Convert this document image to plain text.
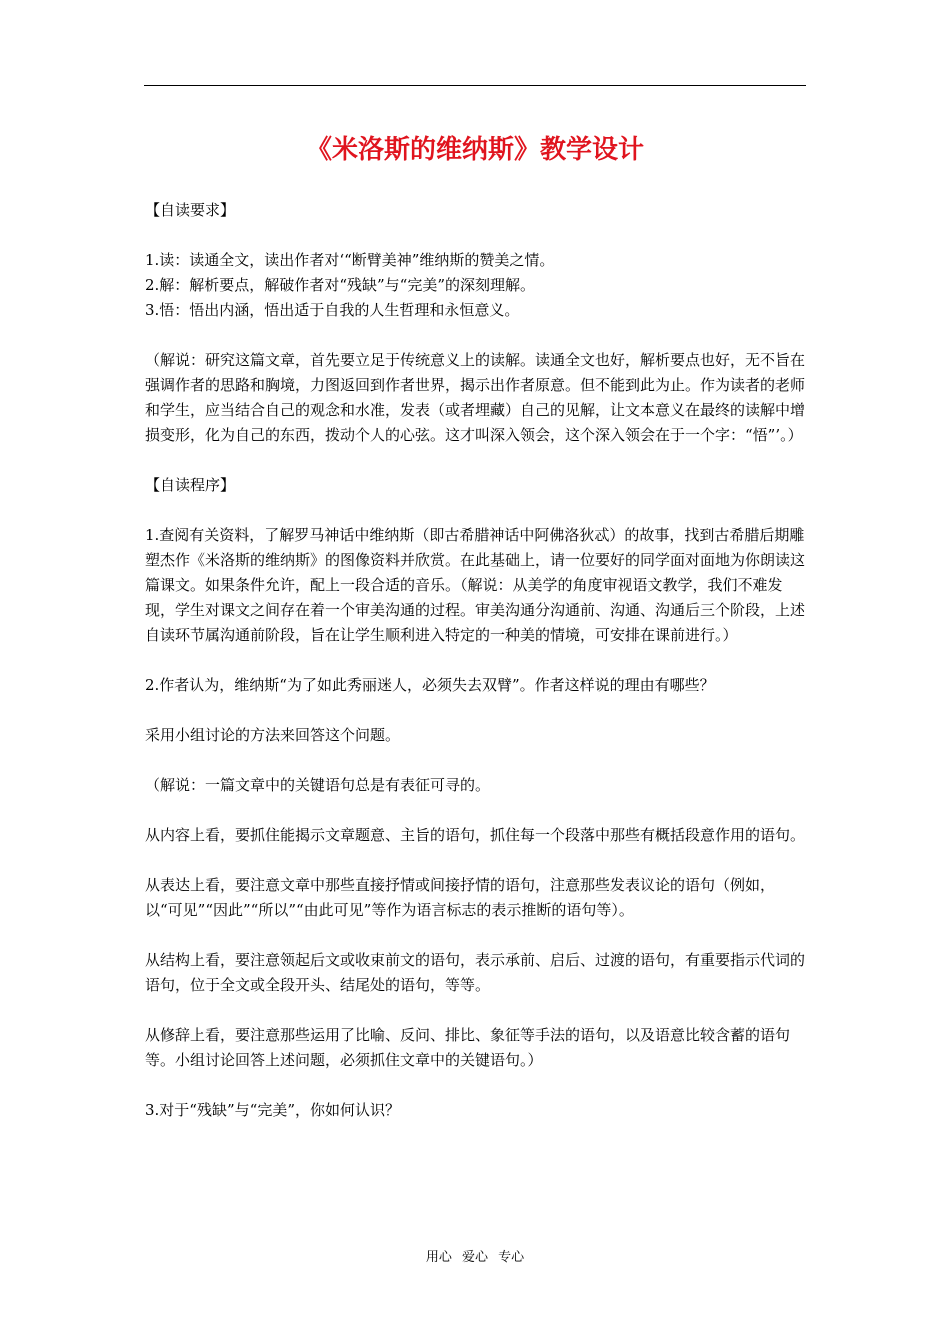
《米洛斯的维纳斯》教学设计

【自读要求】

1.读：读通全文，读出作者对‘“断臂美神”维纳斯的赞美之情。

2.解：解析要点，解破作者对“残缺”与“完美”的深刻理解。

3.悟：悟出内涵，悟出适于自我的人生哲理和永恒意义。

（解说：研究这篇文章，首先要立足于传统意义上的读解。读通全文也好，解析要点也好，无不旨在强调作者的思路和胸境，力图返回到作者世界，揭示出作者原意。但不能到此为止。作为读者的老师和学生，应当结合自己的观念和水准，发表（或者埋藏）自己的见解，让文本意义在最终的读解中增损变形，化为自己的东西，拨动个人的心弦。这才叫深入领会，这个深入领会在于一个字：“悟”’。）

【自读程序】

1.查阅有关资料，了解罗马神话中维纳斯（即古希腊神话中阿佛洛狄忒）的故事，找到古希腊后期雕塑杰作《米洛斯的维纳斯》的图像资料并欣赏。在此基础上，请一位要好的同学面对面地为你朗读这篇课文。如果条件允许，配上一段合适的音乐。（解说：从美学的角度审视语文教学，我们不难发现，学生对课文之间存在着一个审美沟通的过程。审美沟通分沟通前、沟通、沟通后三个阶段，上述自读环节属沟通前阶段，旨在让学生顺利进入特定的一种美的情境，可安排在课前进行。）

2.作者认为，维纳斯“为了如此秀丽迷人，必须失去双臂”。作者这样说的理由有哪些？

采用小组讨论的方法来回答这个问题。

（解说：一篇文章中的关键语句总是有表征可寻的。

从内容上看，要抓住能揭示文章题意、主旨的语句，抓住每一个段落中那些有概括段意作用的语句。

从表达上看，要注意文章中那些直接抒情或间接抒情的语句，注意那些发表议论的语句（例如，以“可见”“因此”“所以”“由此可见”等作为语言标志的表示推断的语句等）。

从结构上看，要注意领起后文或收束前文的语句，表示承前、启后、过渡的语句，有重要指示代词的语句，位于全文或全段开头、结尾处的语句，等等。

从修辞上看，要注意那些运用了比喻、反问、排比、象征等手法的语句，以及语意比较含蓄的语句等。小组讨论回答上述问题，必须抓住文章中的关键语句。）

3.对于“残缺”与“完美”，你如何认识？

用心 爱心 专心
